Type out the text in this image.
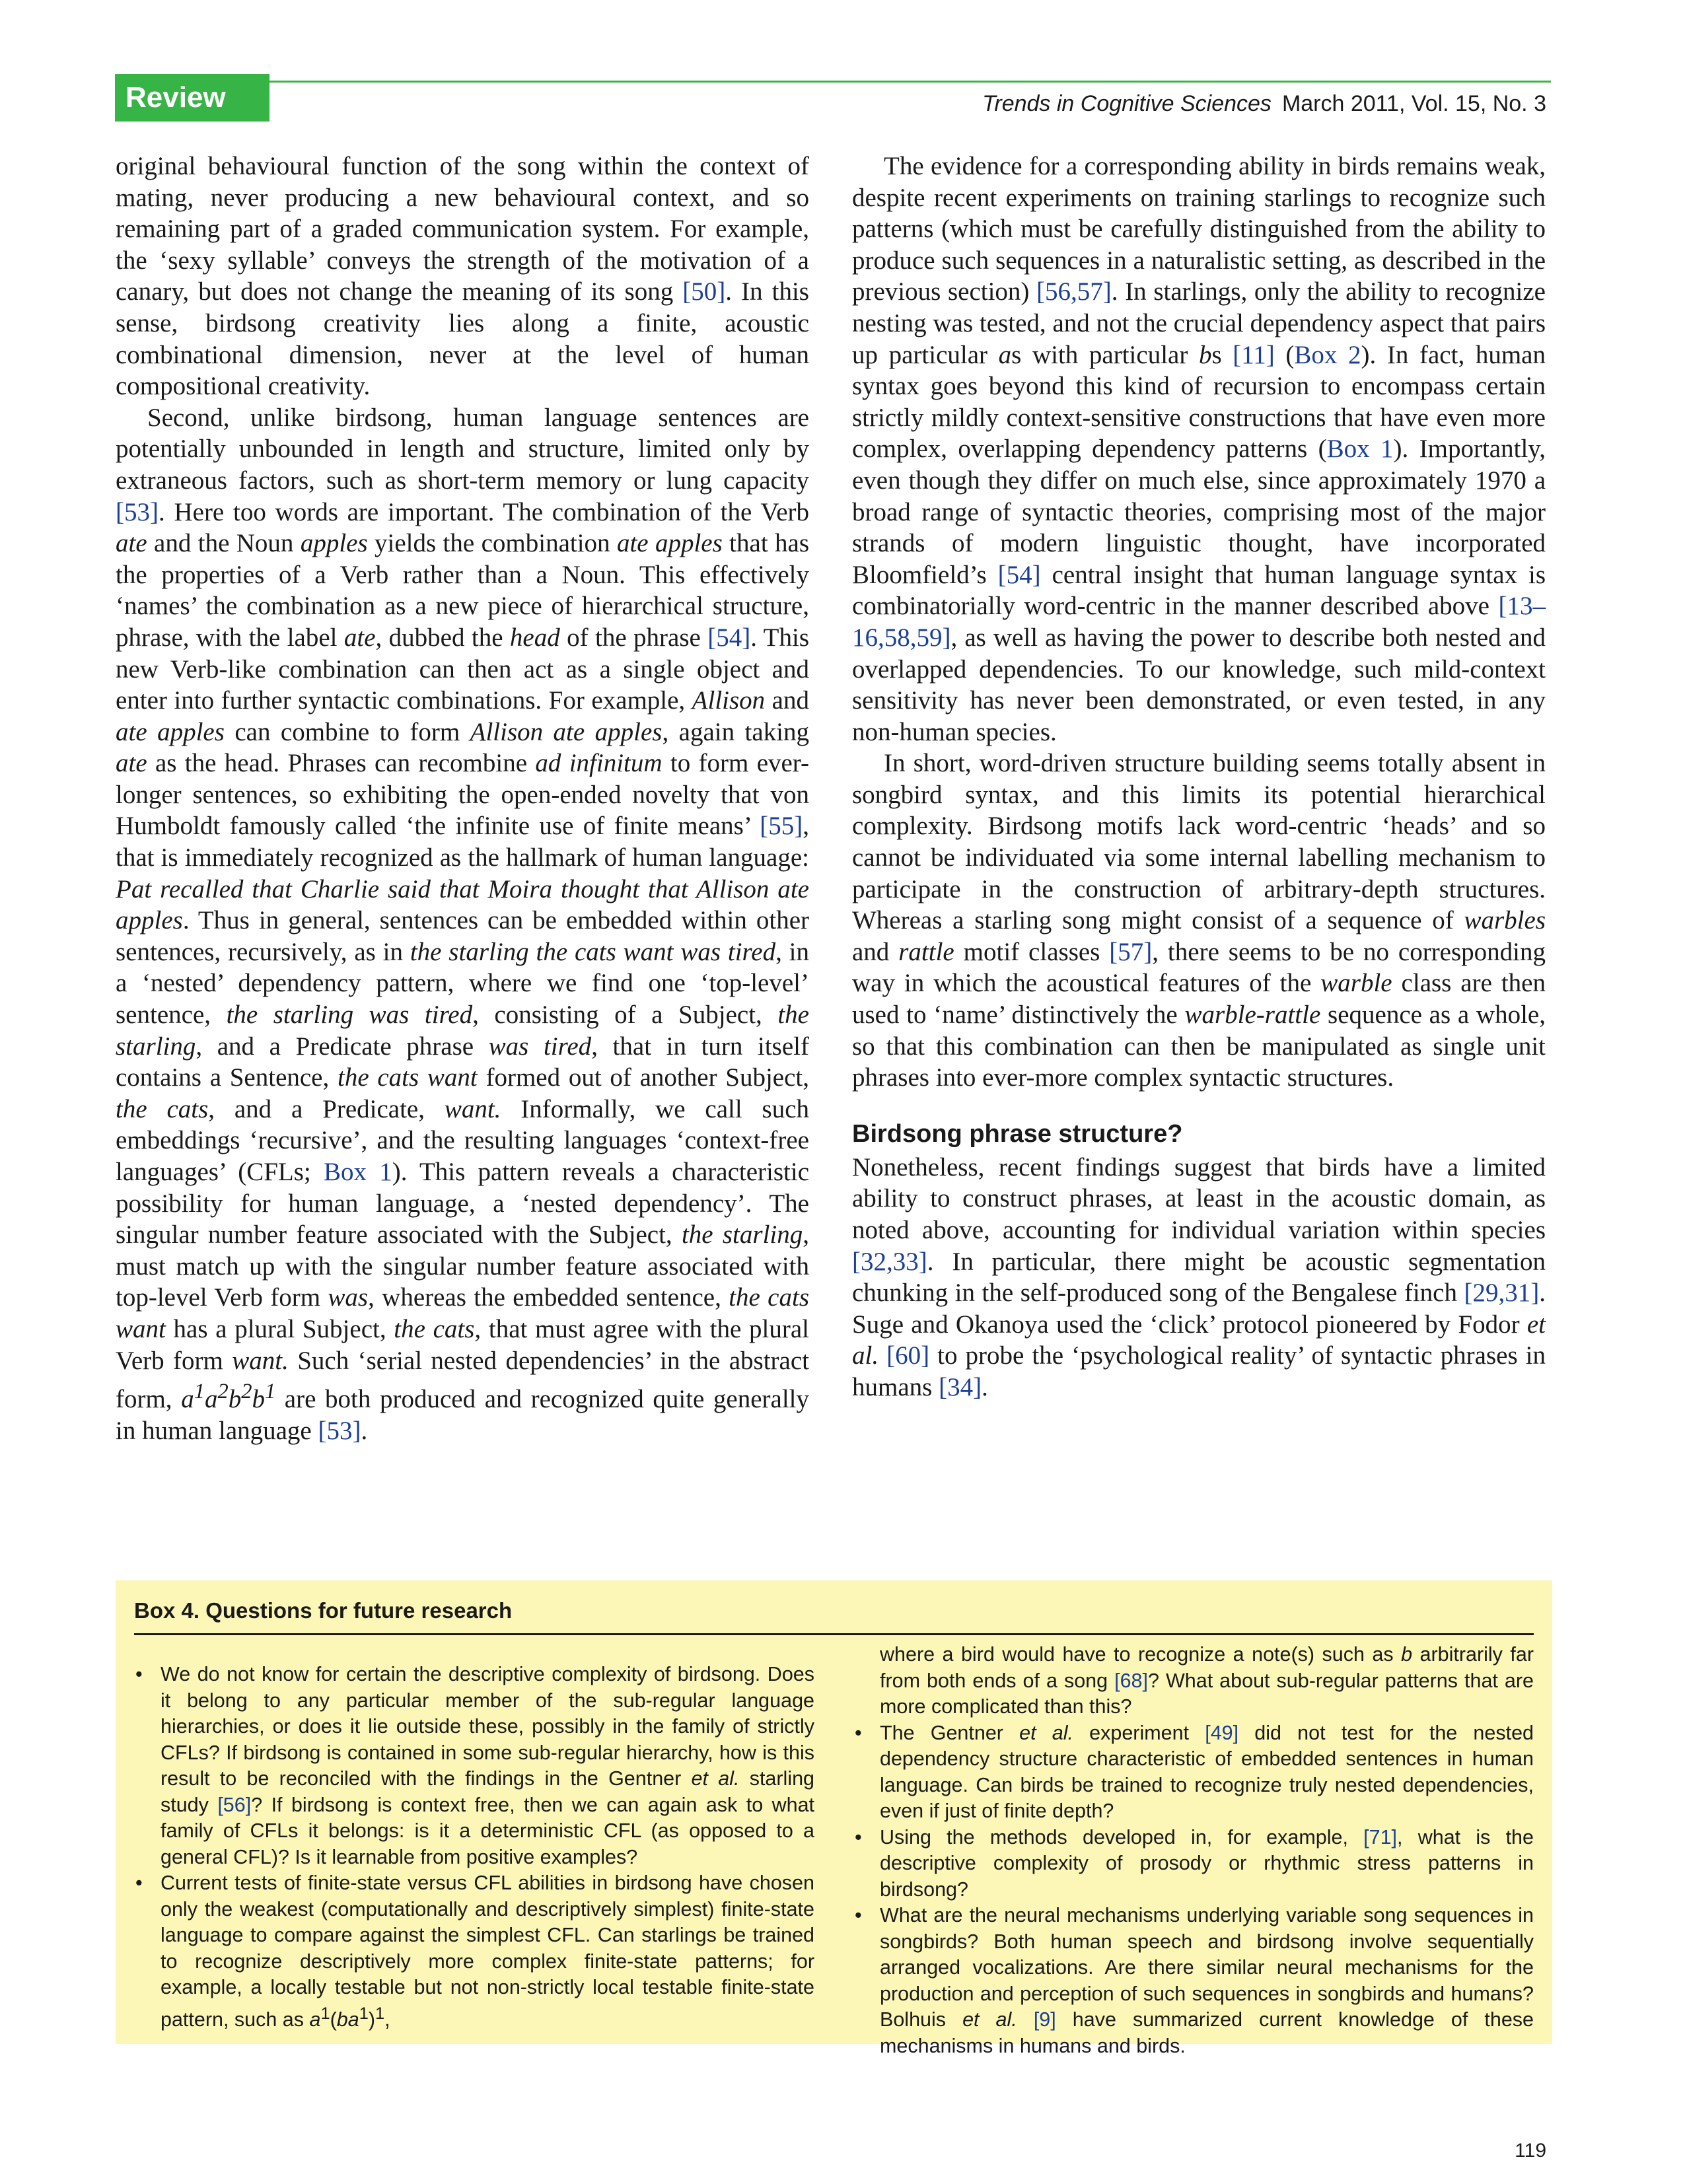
Review	Trends in Cognitive Sciences March 2011, Vol. 15, No. 3

original behavioural function of the song within the context of mating, never producing a new behavioural context, and so remaining part of a graded communication system. For example, the ‘sexy syllable’ conveys the strength of the motivation of a canary, but does not change the meaning of its song [50]. In this sense, birdsong creativity lies along a finite, acoustic combinational dimension, never at the level of human compositional creativity.

Second, unlike birdsong, human language sentences are potentially unbounded in length and structure, limited only by extraneous factors, such as short-term memory or lung capacity [53]. Here too words are important. The combination of the Verb ate and the Noun apples yields the combination ate apples that has the properties of a Verb rather than a Noun. This effectively ‘names’ the combination as a new piece of hierarchical structure, phrase, with the label ate, dubbed the head of the phrase [54]. This new Verb-like combination can then act as a single object and enter into further syntactic combinations. For example, Allison and ate apples can combine to form Allison ate apples, again taking ate as the head. Phrases can recombine ad infinitum to form ever-longer sentences, so exhibiting the open-ended novelty that von Humboldt famously called ‘the infinite use of finite means’ [55], that is immediately recognized as the hallmark of human language: Pat recalled that Charlie said that Moira thought that Allison ate apples. Thus in general, sentences can be embedded within other sentences, recursively, as in the starling the cats want was tired, in a ‘nested’ dependency pattern, where we find one ‘top-level’ sentence, the starling was tired, consisting of a Subject, the starling, and a Predicate phrase was tired, that in turn itself contains a Sentence, the cats want formed out of another Subject, the cats, and a Predicate, want. Informally, we call such embeddings ‘recursive’, and the resulting languages ‘context-free languages’ (CFLs; Box 1). This pattern reveals a characteristic possibility for human language, a ‘nested dependency’. The singular number feature associated with the Subject, the starling, must match up with the singular number feature associated with top-level Verb form was, whereas the embedded sentence, the cats want has a plural Subject, the cats, that must agree with the plural Verb form want. Such ‘serial nested dependencies’ in the abstract form, $a^1a^2b^2b^1$ are both produced and recognized quite generally in human language [53].

The evidence for a corresponding ability in birds remains weak, despite recent experiments on training starlings to recognize such patterns (which must be carefully distinguished from the ability to produce such sequences in a naturalistic setting, as described in the previous section) [56,57]. In starlings, only the ability to recognize nesting was tested, and not the crucial dependency aspect that pairs up particular as with particular bs [11] (Box 2). In fact, human syntax goes beyond this kind of recursion to encompass certain strictly mildly context-sensitive constructions that have even more complex, overlapping dependency patterns (Box 1). Importantly, even though they differ on much else, since approximately 1970 a broad range of syntactic theories, comprising most of the major strands of modern linguistic thought, have incorporated Bloomfield’s [54] central insight that human language syntax is combinatorially word-centric in the manner described above [13–16,58,59], as well as having the power to describe both nested and overlapped dependencies. To our knowledge, such mild-context sensitivity has never been demonstrated, or even tested, in any non-human species.

In short, word-driven structure building seems totally absent in songbird syntax, and this limits its potential hierarchical complexity. Birdsong motifs lack word-centric ‘heads’ and so cannot be individuated via some internal labelling mechanism to participate in the construction of arbitrary-depth structures. Whereas a starling song might consist of a sequence of warbles and rattle motif classes [57], there seems to be no corresponding way in which the acoustical features of the warble class are then used to ‘name’ distinctively the warble-rattle sequence as a whole, so that this combination can then be manipulated as single unit phrases into ever-more complex syntactic structures.

Birdsong phrase structure?

Nonetheless, recent findings suggest that birds have a limited ability to construct phrases, at least in the acoustic domain, as noted above, accounting for individual variation within species [32,33]. In particular, there might be acoustic segmentation chunking in the self-produced song of the Bengalese finch [29,31]. Suge and Okanoya used the ‘click’ protocol pioneered by Fodor et al. [60] to probe the ‘psychological reality’ of syntactic phrases in humans [34].

Box 4. Questions for future research
• We do not know for certain the descriptive complexity of birdsong. Does it belong to any particular member of the sub-regular language hierarchies, or does it lie outside these, possibly in the family of strictly CFLs? If birdsong is contained in some sub-regular hierarchy, how is this result to be reconciled with the findings in the Gentner et al. starling study [56]? If birdsong is context free, then we can again ask to what family of CFLs it belongs: is it a deterministic CFL (as opposed to a general CFL)? Is it learnable from positive examples?
• Current tests of finite-state versus CFL abilities in birdsong have chosen only the weakest (computationally and descriptively simplest) finite-state language to compare against the simplest CFL. Can starlings be trained to recognize descriptively more complex finite-state patterns; for example, a locally testable but not non-strictly local testable finite-state pattern, such as $a^1(ba^1)^1$,
where a bird would have to recognize a note(s) such as b arbitrarily far from both ends of a song [68]? What about sub-regular patterns that are more complicated than this?
• The Gentner et al. experiment [49] did not test for the nested dependency structure characteristic of embedded sentences in human language. Can birds be trained to recognize truly nested dependencies, even if just of finite depth?
• Using the methods developed in, for example, [71], what is the descriptive complexity of prosody or rhythmic stress patterns in birdsong?
• What are the neural mechanisms underlying variable song sequences in songbirds? Both human speech and birdsong involve sequentially arranged vocalizations. Are there similar neural mechanisms for the production and perception of such sequences in songbirds and humans? Bolhuis et al. [9] have summarized current knowledge of these mechanisms in humans and birds.
119
